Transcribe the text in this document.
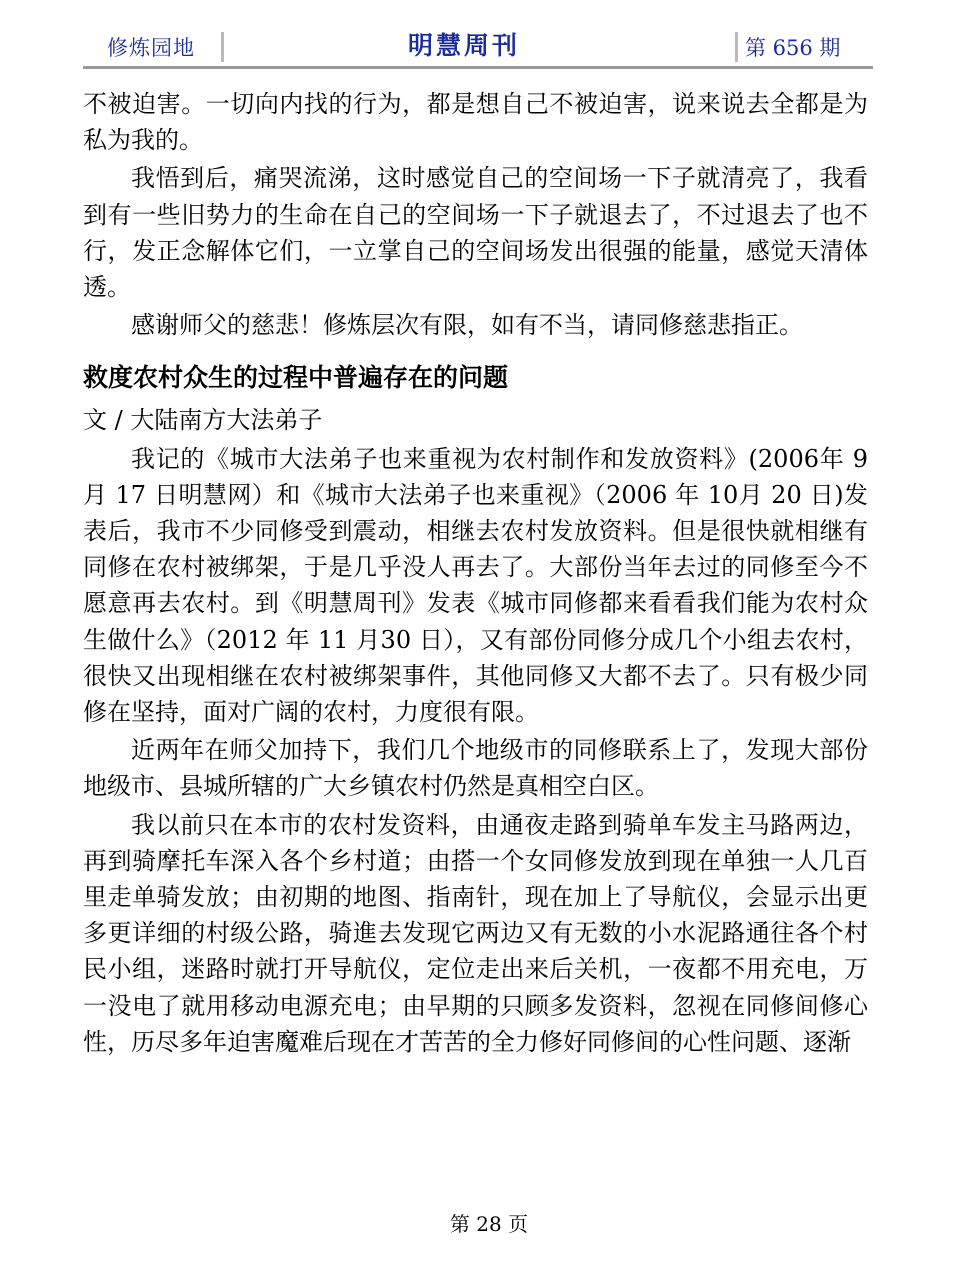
修炼园地	明慧周刊	第 656 期

不被迫害。一切向内找的行为，都是想自己不被迫害，说来说去全都是为私为我的。

我悟到后，痛哭流涕，这时感觉自己的空间场一下子就清亮了，我看到有一些旧势力的生命在自己的空间场一下子就退去了，不过退去了也不行，发正念解体它们，一立掌自己的空间场发出很强的能量，感觉天清体透。

感谢师父的慈悲！修炼层次有限，如有不当，请同修慈悲指正。

救度农村众生的过程中普遍存在的问题

文 / 大陆南方大法弟子

我记的《城市大法弟子也来重视为农村制作和发放资料》(2006年 9 月 17 日明慧网）和《城市大法弟子也来重视》（2006 年 10月 20 日)发表后，我市不少同修受到震动，相继去农村发放资料。但是很快就相继有同修在农村被绑架，于是几乎没人再去了。大部份当年去过的同修至今不愿意再去农村。到《明慧周刊》发表《城市同修都来看看我们能为农村众生做什么》（2012 年 11 月30 日），又有部份同修分成几个小组去农村，很快又出现相继在农村被绑架事件，其他同修又大都不去了。只有极少同修在坚持，面对广阔的农村，力度很有限。

近两年在师父加持下，我们几个地级市的同修联系上了，发现大部份地级市、县城所辖的广大乡镇农村仍然是真相空白区。

我以前只在本市的农村发资料，由通夜走路到骑单车发主马路两边，再到骑摩托车深入各个乡村道；由搭一个女同修发放到现在单独一人几百里走单骑发放；由初期的地图、指南针，现在加上了导航仪，会显示出更多更详细的村级公路，骑進去发现它两边又有无数的小水泥路通往各个村民小组，迷路时就打开导航仪，定位走出来后关机，一夜都不用充电，万一没电了就用移动电源充电；由早期的只顾多发资料，忽视在同修间修心性，历尽多年迫害魔难后现在才苦苦的全力修好同修间的心性问题、逐渐

第 28 页
